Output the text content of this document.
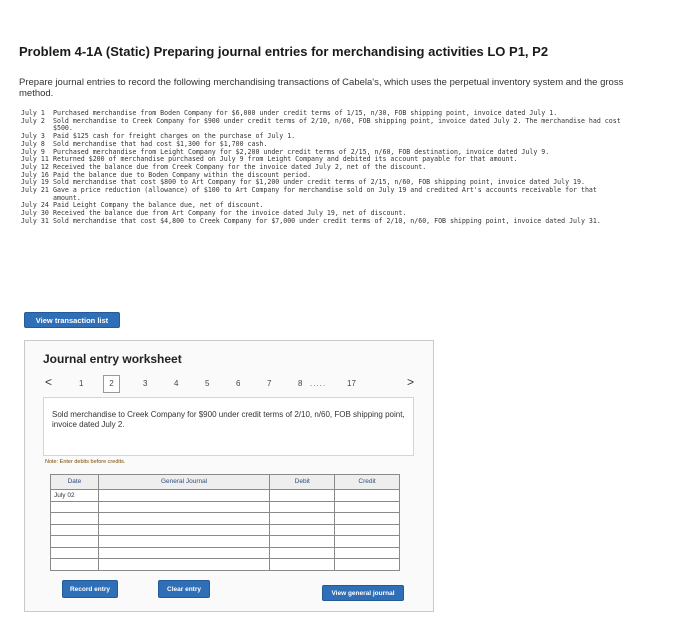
Problem 4-1A (Static) Preparing journal entries for merchandising activities LO P1, P2
Prepare journal entries to record the following merchandising transactions of Cabela's, which uses the perpetual inventory system and the gross method.
July 1	Purchased merchandise from Boden Company for $6,000 under credit terms of 1/15, n/30, FOB shipping point, invoice dated July 1.
July 2	Sold merchandise to Creek Company for $900 under credit terms of 2/10, n/60, FOB shipping point, invoice dated July 2. The merchandise had cost $500.
July 3	Paid $125 cash for freight charges on the purchase of July 1.
July 8	Sold merchandise that had cost $1,300 for $1,700 cash.
July 9	Purchased merchandise from Leight Company for $2,200 under credit terms of 2/15, n/60, FOB destination, invoice dated July 9.
July 11 Returned $200 of merchandise purchased on July 9 from Leight Company and debited its account payable for that amount.
July 12 Received the balance due from Creek Company for the invoice dated July 2, net of the discount.
July 16 Paid the balance due to Boden Company within the discount period.
July 19 Sold merchandise that cost $800 to Art Company for $1,200 under credit terms of 2/15, n/60, FOB shipping point, invoice dated July 19.
July 21 Gave a price reduction (allowance) of $100 to Art Company for merchandise sold on July 19 and credited Art's accounts receivable for that amount.
July 24 Paid Leight Company the balance due, net of discount.
July 30 Received the balance due from Art Company for the invoice dated July 19, net of discount.
July 31 Sold merchandise that cost $4,800 to Creek Company for $7,000 under credit terms of 2/10, n/60, FOB shipping point, invoice dated July 31.
View transaction list
Journal entry worksheet
<	1	2	3	4	5	6	7	8 .....	17	>
Sold merchandise to Creek Company for $900 under credit terms of 2/10, n/60, FOB shipping point, invoice dated July 2.
Note: Enter debits before credits.
Date	General Journal	Debit	Credit
July 02			

Record entry	Clear entry
View general journal
